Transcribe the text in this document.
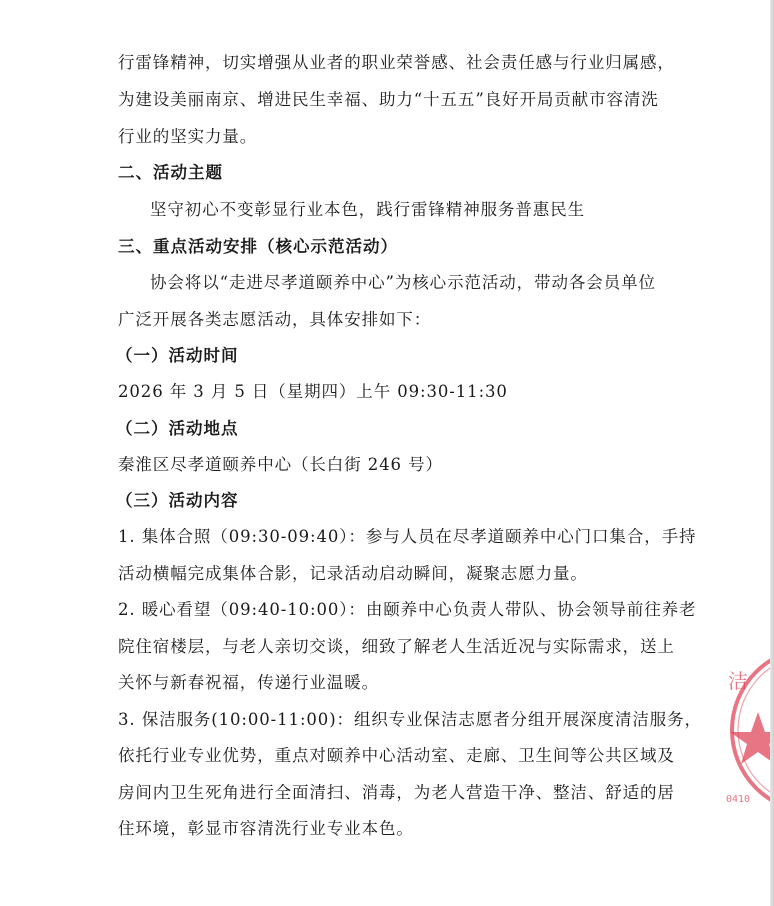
行雷锋精神，切实增强从业者的职业荣誉感、社会责任感与行业归属感，
为建设美丽南京、增进民生幸福、助力“十五五”良好开局贡献市容清洗
行业的坚实力量。
二、活动主题
坚守初心不变彰显行业本色，践行雷锋精神服务普惠民生
三、重点活动安排（核心示范活动）
协会将以“走进尽孝道颐养中心”为核心示范活动，带动各会员单位
广泛开展各类志愿活动，具体安排如下：
（一）活动时间
2026 年 3 月 5 日（星期四）上午 09:30-11:30
（二）活动地点
秦淮区尽孝道颐养中心（长白街 246 号）
（三）活动内容
1. 集体合照（09:30-09:40）：参与人员在尽孝道颐养中心门口集合，手持
活动横幅完成集体合影，记录活动启动瞬间，凝聚志愿力量。
2. 暖心看望（09:40-10:00）：由颐养中心负责人带队、协会领导前往养老
院住宿楼层，与老人亲切交谈，细致了解老人生活近况与实际需求，送上
关怀与新春祝福，传递行业温暖。
3. 保洁服务(10:00-11:00)：组织专业保洁志愿者分组开展深度清洁服务，
依托行业专业优势，重点对颐养中心活动室、走廊、卫生间等公共区域及
房间内卫生死角进行全面清扫、消毒，为老人营造干净、整洁、舒适的居
住环境，彰显市容清洗行业专业本色。
洁
0410
